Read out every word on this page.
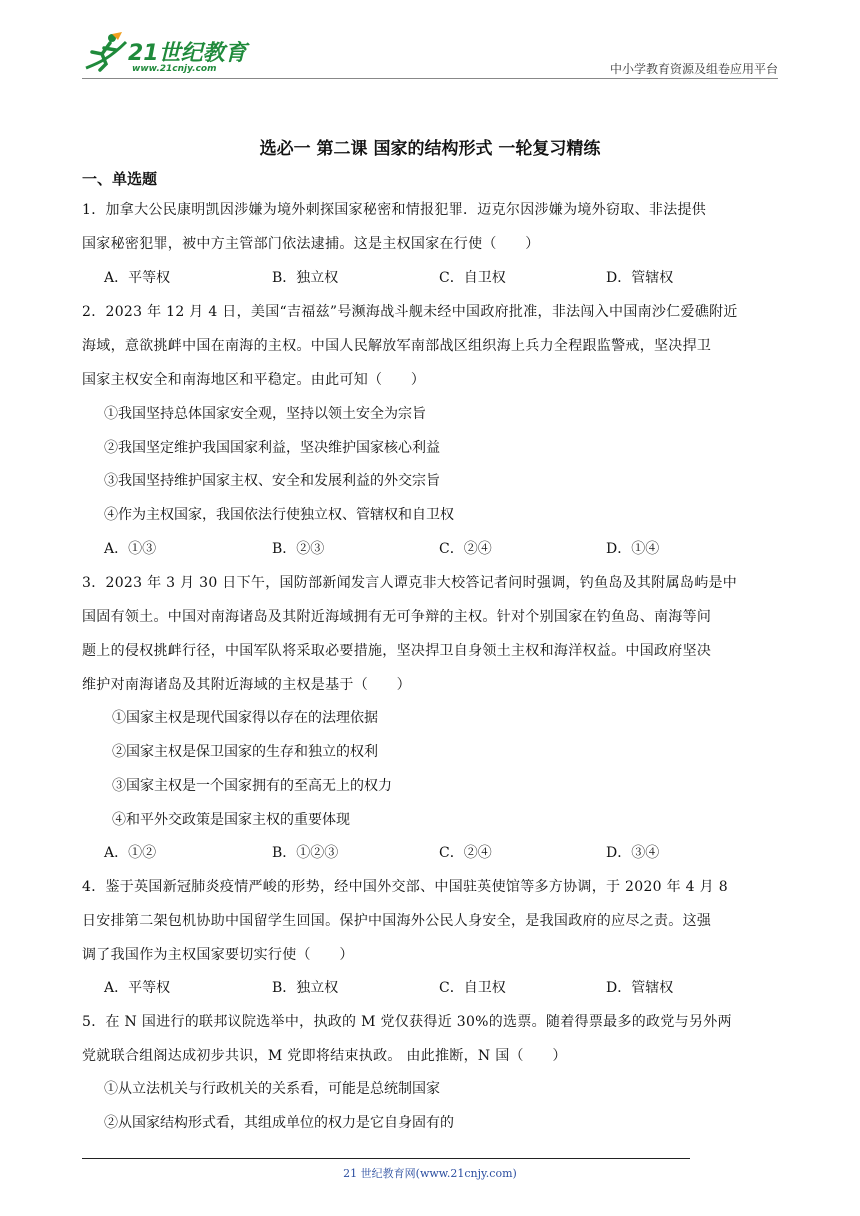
21世纪教育
www.21cnjy.com	中小学教育资源及组卷应用平台
选必一 第二课 国家的结构形式 一轮复习精练
一、单选题
1．加拿大公民康明凯因涉嫌为境外刺探国家秘密和情报犯罪．迈克尔因涉嫌为境外窃取、非法提供
国家秘密犯罪，被中方主管部门依法逮捕。这是主权国家在行使（　　）
A．平等权	B．独立权	C．自卫权	D．管辖权
2．2023 年 12 月 4 日，美国“吉福兹”号濒海战斗舰未经中国政府批准，非法闯入中国南沙仁爱礁附近
海域，意欲挑衅中国在南海的主权。中国人民解放军南部战区组织海上兵力全程跟监警戒，坚决捍卫
国家主权安全和南海地区和平稳定。由此可知（　　）
①我国坚持总体国家安全观，坚持以领土安全为宗旨
②我国坚定维护我国国家利益，坚决维护国家核心利益
③我国坚持维护国家主权、安全和发展利益的外交宗旨
④作为主权国家，我国依法行使独立权、管辖权和自卫权
A．①③	B．②③	C．②④	D．①④
3．2023 年 3 月 30 日下午，国防部新闻发言人谭克非大校答记者问时强调，钓鱼岛及其附属岛屿是中
国固有领土。中国对南海诸岛及其附近海域拥有无可争辩的主权。针对个别国家在钓鱼岛、南海等问
题上的侵权挑衅行径，中国军队将采取必要措施，坚决捍卫自身领土主权和海洋权益。中国政府坚决
维护对南海诸岛及其附近海域的主权是基于（　　）
①国家主权是现代国家得以存在的法理依据
②国家主权是保卫国家的生存和独立的权利
③国家主权是一个国家拥有的至高无上的权力
④和平外交政策是国家主权的重要体现
A．①②	B．①②③	C．②④	D．③④
4．鉴于英国新冠肺炎疫情严峻的形势，经中国外交部、中国驻英使馆等多方协调，于 2020 年 4 月 8
日安排第二架包机协助中国留学生回国。保护中国海外公民人身安全，是我国政府的应尽之责。这强
调了我国作为主权国家要切实行使（　　）
A．平等权	B．独立权	C．自卫权	D．管辖权
5．在 N 国进行的联邦议院选举中，执政的 M 党仅获得近 30%的选票。随着得票最多的政党与另外两
党就联合组阁达成初步共识，M 党即将结束执政。 由此推断，N 国（　　）
①从立法机关与行政机关的关系看，可能是总统制国家
②从国家结构形式看，其组成单位的权力是它自身固有的
21 世纪教育网(www.21cnjy.com)
